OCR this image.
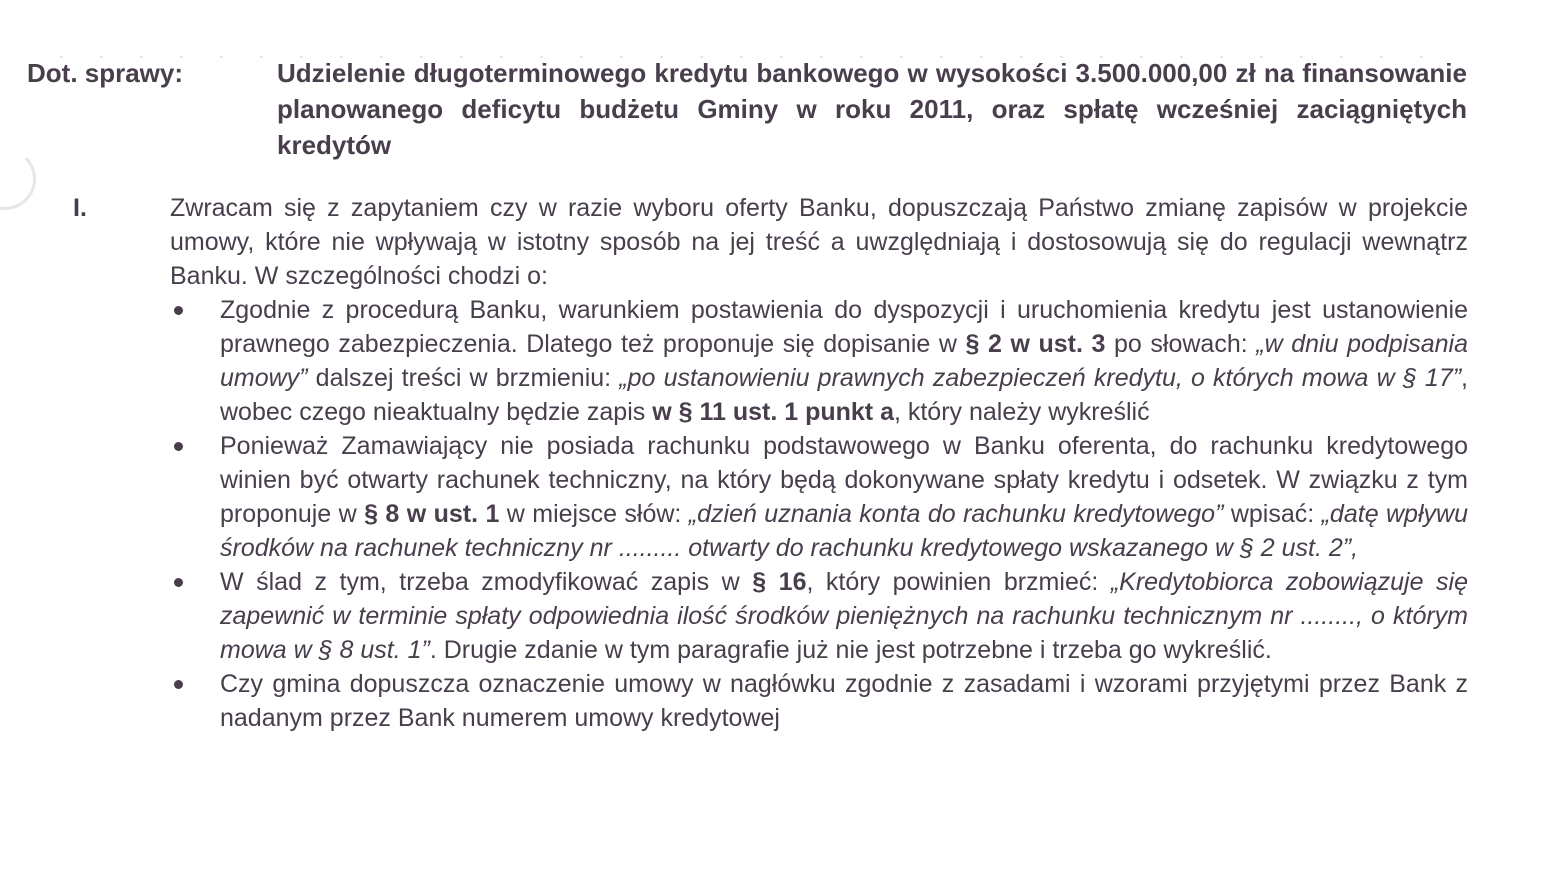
Dot. sprawy:	Udzielenie długoterminowego kredytu bankowego w wysokości 3.500.000,00 zł na finansowanie planowanego deficytu budżetu Gminy w roku 2011, oraz spłatę wcześniej zaciągniętych kredytów
I.	Zwracam się z zapytaniem czy w razie wyboru oferty Banku, dopuszczają Państwo zmianę zapisów w projekcie umowy, które nie wpływają w istotny sposób na jej treść a uwzględniają i dostosowują się do regulacji wewnątrz Banku. W szczególności chodzi o:

Zgodnie z procedurą Banku, warunkiem postawienia do dyspozycji i uruchomienia kredytu jest ustanowienie prawnego zabezpieczenia. Dlatego też proponuje się dopisanie w § 2 w ust. 3 po słowach: „w dniu podpisania umowy” dalszej treści w brzmieniu: „po ustanowieniu prawnych zabezpieczeń kredytu, o których mowa w § 17”, wobec czego nieaktualny będzie zapis w § 11 ust. 1 punkt a, który należy wykreślić
Ponieważ Zamawiający nie posiada rachunku podstawowego w Banku oferenta, do rachunku kredytowego winien być otwarty rachunek techniczny, na który będą dokonywane spłaty kredytu i odsetek. W związku z tym proponuje w § 8 w ust. 1 w miejsce słów: „dzień uznania konta do rachunku kredytowego” wpisać: „datę wpływu środków na rachunek techniczny nr ......... otwarty do rachunku kredytowego wskazanego w § 2 ust. 2”,
W ślad z tym, trzeba zmodyfikować zapis w § 16, który powinien brzmieć: „Kredytobiorca zobowiązuje się zapewnić w terminie spłaty odpowiednia ilość środków pieniężnych na rachunku technicznym nr ........, o którym mowa w § 8 ust. 1”. Drugie zdanie w tym paragrafie już nie jest potrzebne i trzeba go wykreślić.
Czy gmina dopuszcza oznaczenie umowy w nagłówku zgodnie z zasadami i wzorami przyjętymi przez Bank z nadanym przez Bank numerem umowy kredytowej
